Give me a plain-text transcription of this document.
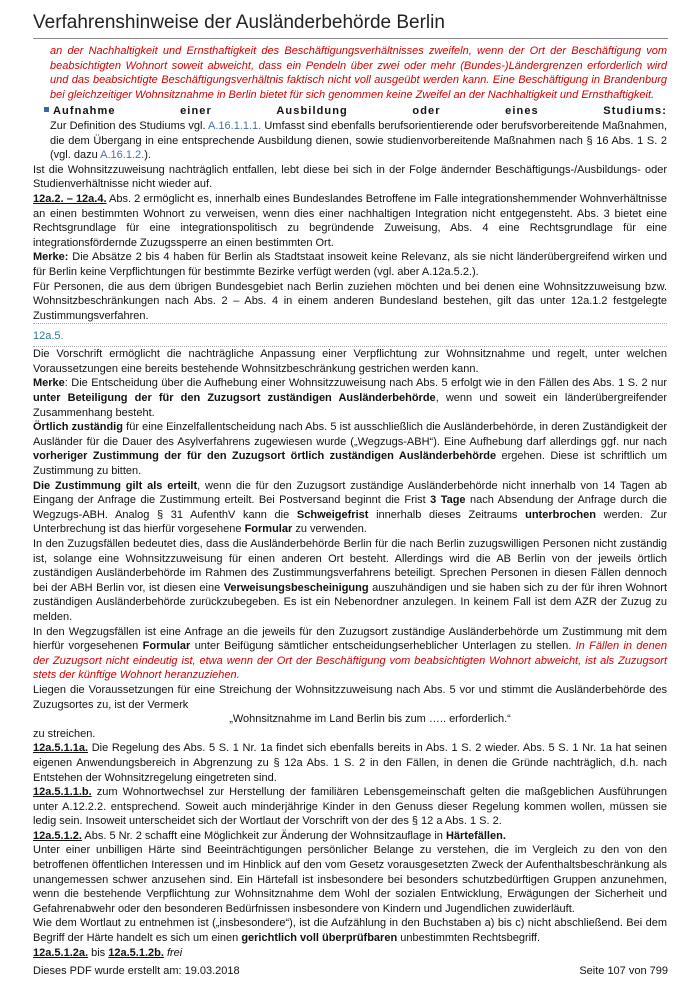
Verfahrenshinweise der Ausländerbehörde Berlin

an der Nachhaltigkeit und Ernsthaftigkeit des Beschäftigungsverhältnisses zweifeln, wenn der Ort der Beschäftigung vom beabsichtigten Wohnort soweit abweicht, dass ein Pendeln über zwei oder mehr (Bundes-)Ländergrenzen erforderlich wird und das beabsichtigte Beschäftigungsverhältnis faktisch nicht voll ausgeübt werden kann. Eine Beschäftigung in Brandenburg bei gleichzeitiger Wohnsitznahme in Berlin bietet für sich genommen keine Zweifel an der Nachhaltigkeit und Ernsthaftigkeit.

Aufnahme	einer	Ausbildung	oder	eines	Studiums:

Zur Definition des Studiums vgl. A.16.1.1.1. Umfasst sind ebenfalls berufsorientierende oder berufsvorbereitende Maßnahmen, die dem Übergang in eine entsprechende Ausbildung dienen, sowie studienvorbereitende Maßnahmen nach § 16 Abs. 1 S. 2 (vgl. dazu A.16.1.2.).

Ist die Wohnsitzzuweisung nachträglich entfallen, lebt diese bei sich in der Folge ändernder Beschäftigungs-/Ausbildungs- oder Studienverhältnisse nicht wieder auf.

12a.2. – 12a.4. Abs. 2 ermöglicht es, innerhalb eines Bundeslandes Betroffene im Falle integrationshemmender Wohnverhältnisse an einen bestimmten Wohnort zu verweisen, wenn dies einer nachhaltigen Integration nicht entgegensteht. Abs. 3 bietet eine Rechtsgrundlage für eine integrationspolitisch zu begründende Zuweisung, Abs. 4 eine Rechtsgrundlage für eine integrationsfördernde Zuzugssperre an einen bestimmten Ort.

Merke: Die Absätze 2 bis 4 haben für Berlin als Stadtstaat insoweit keine Relevanz, als sie nicht länderübergreifend wirken und für Berlin keine Verpflichtungen für bestimmte Bezirke verfügt werden (vgl. aber A.12a.5.2.).

Für Personen, die aus dem übrigen Bundesgebiet nach Berlin zuziehen möchten und bei denen eine Wohnsitzzuweisung bzw. Wohnsitzbeschränkungen nach Abs. 2 – Abs. 4 in einem anderen Bundesland bestehen, gilt das unter 12a.1.2 festgelegte Zustimmungsverfahren.

12a.5.

Die Vorschrift ermöglicht die nachträgliche Anpassung einer Verpflichtung zur Wohnsitznahme und regelt, unter welchen Voraussetzungen eine bereits bestehende Wohnsitzbeschränkung gestrichen werden kann.

Merke: Die Entscheidung über die Aufhebung einer Wohnsitzzuweisung nach Abs. 5 erfolgt wie in den Fällen des Abs. 1 S. 2 nur unter Beteiligung der für den Zuzugsort zuständigen Ausländerbehörde, wenn und soweit ein länderübergreifender Zusammenhang besteht.

Örtlich zuständig für eine Einzelfallentscheidung nach Abs. 5 ist ausschließlich die Ausländerbehörde, in deren Zuständigkeit der Ausländer für die Dauer des Asylverfahrens zugewiesen wurde („Wegzugs-ABH“). Eine Aufhebung darf allerdings ggf. nur nach vorheriger Zustimmung der für den Zuzugsort örtlich zuständigen Ausländerbehörde ergehen. Diese ist schriftlich um Zustimmung zu bitten.

Die Zustimmung gilt als erteilt, wenn die für den Zuzugsort zuständige Ausländerbehörde nicht innerhalb von 14 Tagen ab Eingang der Anfrage die Zustimmung erteilt. Bei Postversand beginnt die Frist 3 Tage nach Absendung der Anfrage durch die Wegzugs-ABH. Analog § 31 AufenthV kann die Schweigefrist innerhalb dieses Zeitraums unterbrochen werden. Zur Unterbrechung ist das hierfür vorgesehene Formular zu verwenden.

In den Zuzugsfällen bedeutet dies, dass die Ausländerbehörde Berlin für die nach Berlin zuzugswilligen Personen nicht zuständig ist, solange eine Wohnsitzzuweisung für einen anderen Ort besteht. Allerdings wird die AB Berlin von der jeweils örtlich zuständigen Ausländerbehörde im Rahmen des Zustimmungsverfahrens beteiligt. Sprechen Personen in diesen Fällen dennoch bei der ABH Berlin vor, ist diesen eine Verweisungsbescheinigung auszuhändigen und sie haben sich zu der für ihren Wohnort zuständigen Ausländerbehörde zurückzubegeben. Es ist ein Nebenordner anzulegen. In keinem Fall ist dem AZR der Zuzug zu melden.

In den Wegzugsfällen ist eine Anfrage an die jeweils für den Zuzugsort zuständige Ausländerbehörde um Zustimmung mit dem hierfür vorgesehenen Formular unter Beifügung sämtlicher entscheidungserheblicher Unterlagen zu stellen. In Fällen in denen der Zuzugsort nicht eindeutig ist, etwa wenn der Ort der Beschäftigung vom beabsichtigten Wohnort abweicht, ist als Zuzugsort stets der künftige Wohnort heranzuziehen.

Liegen die Voraussetzungen für eine Streichung der Wohnsitzzuweisung nach Abs. 5 vor und stimmt die Ausländerbehörde des Zuzugsortes zu, ist der Vermerk

„Wohnsitznahme im Land Berlin bis zum ….. erforderlich.“

zu streichen.

12a.5.1.1a. Die Regelung des Abs. 5 S. 1 Nr. 1a findet sich ebenfalls bereits in Abs. 1 S. 2 wieder. Abs. 5 S. 1 Nr. 1a hat seinen eigenen Anwendungsbereich in Abgrenzung zu § 12a Abs. 1 S. 2 in den Fällen, in denen die Gründe nachträglich, d.h. nach Entstehen der Wohnsitzregelung eingetreten sind.

12a.5.1.1.b. zum Wohnortwechsel zur Herstellung der familiären Lebensgemeinschaft gelten die maßgeblichen Ausführungen unter A.12.2.2. entsprechend. Soweit auch minderjährige Kinder in den Genuss dieser Regelung kommen wollen, müssen sie ledig sein. Insoweit unterscheidet sich der Wortlaut der Vorschrift von der des § 12 a Abs. 1 S. 2.

12a.5.1.2. Abs. 5 Nr. 2 schafft eine Möglichkeit zur Änderung der Wohnsitzauflage in Härtefällen.

Unter einer unbilligen Härte sind Beeinträchtigungen persönlicher Belange zu verstehen, die im Vergleich zu den von den betroffenen öffentlichen Interessen und im Hinblick auf den vom Gesetz vorausgesetzten Zweck der Aufenthaltsbeschränkung als unangemessen schwer anzusehen sind. Ein Härtefall ist insbesondere bei besonders schutzbedürftigen Gruppen anzunehmen, wenn die bestehende Verpflichtung zur Wohnsitznahme dem Wohl der sozialen Entwicklung, Erwägungen der Sicherheit und Gefahrenabwehr oder den besonderen Bedürfnissen insbesondere von Kindern und Jugendlichen zuwiderläuft.

Wie dem Wortlaut zu entnehmen ist („insbesondere“), ist die Aufzählung in den Buchstaben a) bis c) nicht abschließend. Bei dem Begriff der Härte handelt es sich um einen gerichtlich voll überprüfbaren unbestimmten Rechtsbegriff.

12a.5.1.2a. bis 12a.5.1.2b. frei

Dieses PDF wurde erstellt am: 19.03.2018	Seite 107 von 799
